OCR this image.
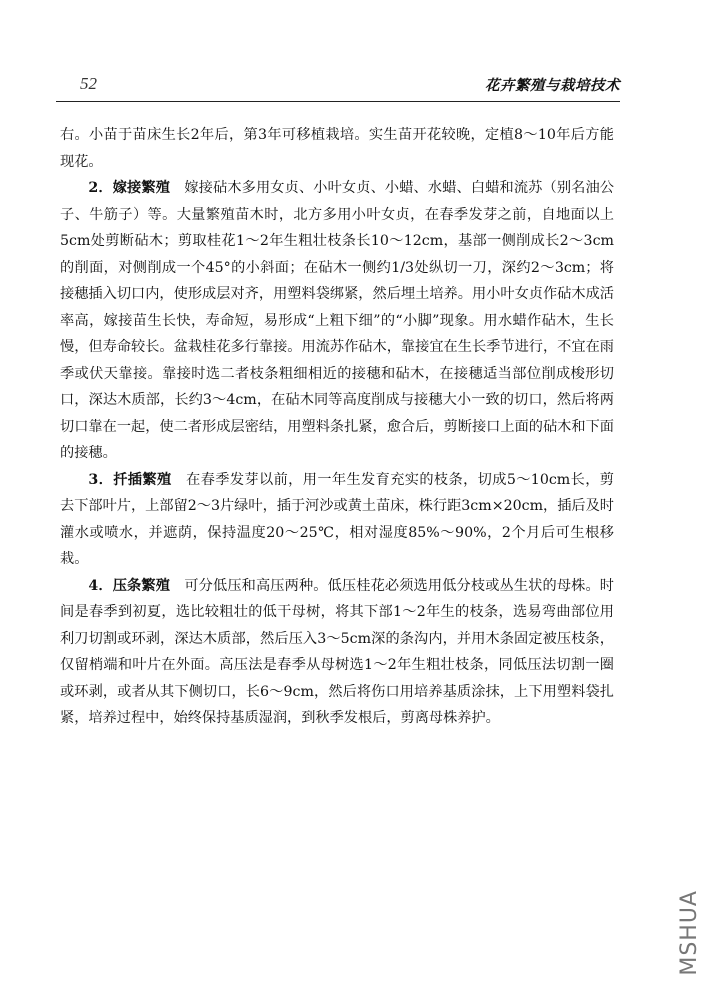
52	花卉繁殖与栽培技术

右。小苗于苗床生长2年后，第3年可移植栽培。实生苗开花较晚，定植8～10年后方能现花。

2．嫁接繁殖　 嫁接砧木多用女贞、小叶女贞、小蜡、水蜡、白蜡和流苏（别名油公子、牛筋子）等。大量繁殖苗木时，北方多用小叶女贞，在春季发芽之前，自地面以上5cm处剪断砧木；剪取桂花1～2年生粗壮枝条长10～12cm，基部一侧削成长2～3cm的削面，对侧削成一个45°的小斜面；在砧木一侧约1/3处纵切一刀，深约2～3cm；将接穗插入切口内，使形成层对齐，用塑料袋绑紧，然后埋土培养。用小叶女贞作砧木成活率高，嫁接苗生长快，寿命短，易形成“上粗下细”的“小脚”现象。用水蜡作砧木，生长慢，但寿命较长。盆栽桂花多行靠接。用流苏作砧木，靠接宜在生长季节进行，不宜在雨季或伏天靠接。靠接时选二者枝条粗细相近的接穗和砧木，在接穗适当部位削成梭形切口，深达木质部，长约3～4cm，在砧木同等高度削成与接穗大小一致的切口，然后将两切口靠在一起，使二者形成层密结，用塑料条扎紧，愈合后，剪断接口上面的砧木和下面的接穗。

3．扦插繁殖　 在春季发芽以前，用一年生发育充实的枝条，切成5～10cm长，剪去下部叶片，上部留2～3片绿叶，插于河沙或黄土苗床，株行距3cm×20cm，插后及时灌水或喷水，并遮荫，保持温度20～25℃，相对湿度85%～90%，2个月后可生根移栽。

4．压条繁殖　 可分低压和高压两种。低压桂花必须选用低分枝或丛生状的母株。时间是春季到初夏，选比较粗壮的低干母树，将其下部1～2年生的枝条，选易弯曲部位用利刀切割或环剥，深达木质部，然后压入3～5cm深的条沟内，并用木条固定被压枝条，仅留梢端和叶片在外面。高压法是春季从母树选1～2年生粗壮枝条，同低压法切割一圈或环剥，或者从其下侧切口，长6～9cm，然后将伤口用培养基质涂抹，上下用塑料袋扎紧，培养过程中，始终保持基质湿润，到秋季发根后，剪离母株养护。

MSHUA
